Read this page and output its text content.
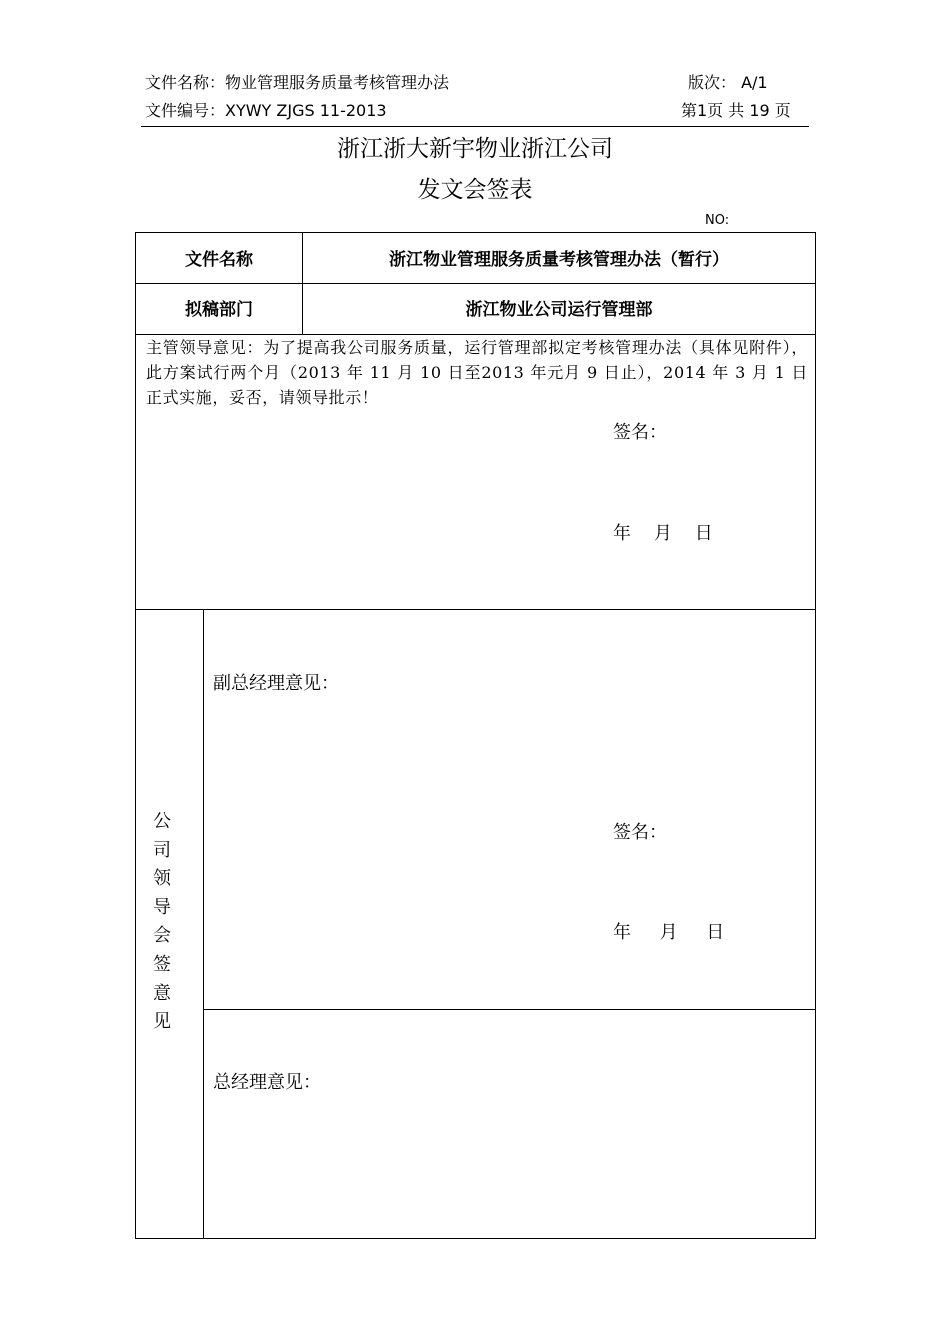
文件名称：物业管理服务质量考核管理办法	版次： A/1
文件编号：XYWY ZJGS 11-2013	第1页 共 19 页
浙江浙大新宇物业浙江公司
发文会签表
NO:
文件名称	浙江物业管理服务质量考核管理办法（暂行）
拟稿部门	浙江物业公司运行管理部
主管领导意见：为了提高我公司服务质量，运行管理部拟定考核管理办法（具体见附件），此方案试行两个月（2013 年 11 月 10 日至2013 年元月 9 日止），2014 年 3 月 1 日正式实施，妥否，请领导批示！
签名：
年    月    日
公
司
领
导
会
签
意
见
副总经理意见：
签名：
年     月     日
总经理意见：
